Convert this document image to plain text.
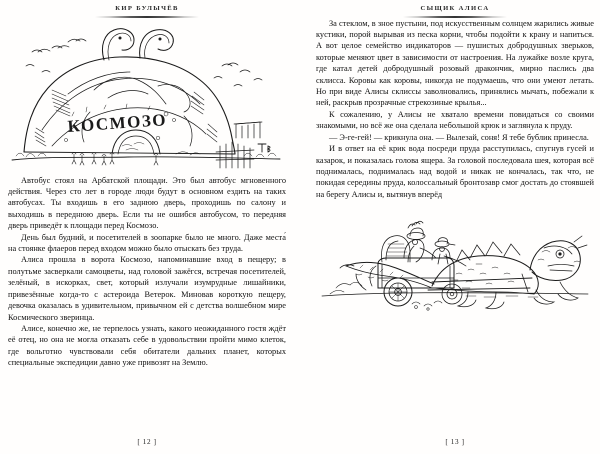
КИР БУЛЫЧЁВ
КОСМОЗО

Автобус стоял на Арбатской площади. Это был автобус мгновенного действия. Через сто лет в городе люди будут в основном ездить на таких автобусах. Ты входишь в его заднюю дверь, проходишь по салону и выходишь в переднюю дверь. Если ты не ошибся автобусом, то передняя дверь приведёт к площади перед Космозо.

День был будний, и посетителей в зоопарке было не много. Даже места́ на стоянке флаеров перед входом можно было отыскать без труда.

Алиса прошла в ворота Космозо, напоминавшие вход в пещеру; в полутьме засверкали самоцветы, над головой зажёгся, встречая посетителей, зелёный, в искорках, свет, который излучали изумрудные лишайники, привезённые когда-то с астероида Ветерок. Миновав короткую пещеру, девочка оказалась в удивительном, привычном ей с детства волшебном мире Космического зверинца.

Алисе, конечно же, не терпелось узнать, какого неожиданного гостя ждёт её отец, но она не могла отказать себе в удовольствии пройти мимо клеток, где вольготно чувствовали себя обитатели дальних планет, которых специальные экспедиции давно уже привозят на Землю.

[ 12 ]
СЫЩИК АЛИСА

За стеклом, в зное пустыни, под искусственным солнцем жарились живые кустики, порой вырывая из песка корни, чтобы подойти к крану и напиться. А вот целое семейство индикаторов — пушистых добродушных зверьков, которые меняют цвет в зависимости от настроения. На лужайке возле круга, где катал детей добродушный розовый дракончик, мирно паслись два склисса. Коровы как коровы, никогда не подумаешь, что они умеют летать. Но при виде Алисы склиссы заволновались, принялись мычать, побежали к ней, раскрыв прозрачные стрекозиные крылья...

К сожалению, у Алисы не хватало времени повидаться со своими знакомыми, но всё же она сделала небольшой крюк и заглянула к пруду.

— Э-ге-гей! — крикнула она. — Вылезай, соня! Я тебе бублик принесла.

И в ответ на её крик вода посреди пруда расступилась, спугнув гусей и казарок, и показалась голова ящера. За головой последовала шея, которая всё поднималась, поднималась над водой и никак не кончалась, так что, не покидая середины пруда, колоссальный бронтозавр смог достать до стоявшей на берегу Алисы и, вытянув вперёд

[ 13 ]
